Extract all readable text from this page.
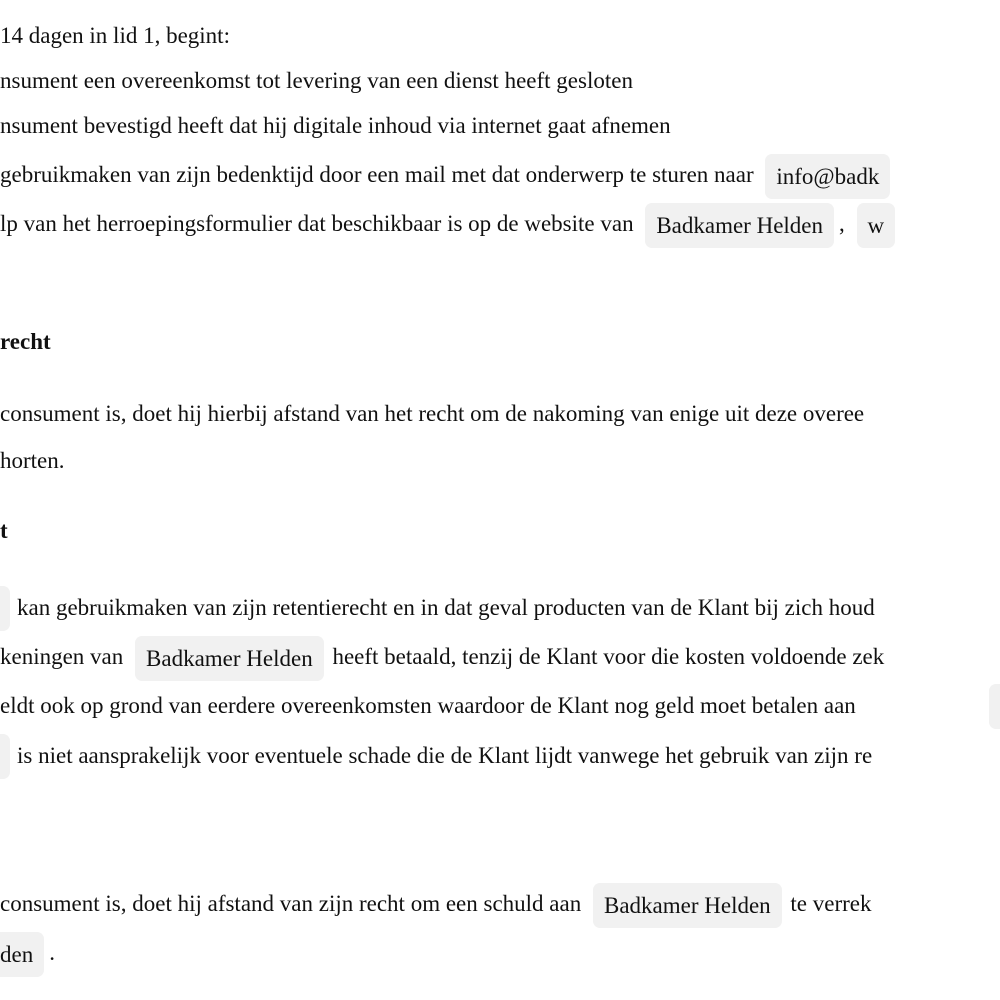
14 dagen in lid 1, begint:
nsument een overeenkomst tot levering van een dienst heeft gesloten
nsument bevestigd heeft dat hij digitale inhoud via internet gaat afnemen
gebruikmaken van zijn bedenktijd door een mail met dat onderwerp te sturen naar info@badk
lp van het herroepingsformulier dat beschikbaar is op de website van Badkamer Helden , w
recht
consument is, doet hij hierbij afstand van het recht om de nakoming van enige uit deze overee
horten.
t
kan gebruikmaken van zijn retentierecht en in dat geval producten van de Klant bij zich houd
keningen van Badkamer Helden heeft betaald, tenzij de Klant voor die kosten voldoende zek
eldt ook op grond van eerdere overeenkomsten waardoor de Klant nog geld moet betalen aan
is niet aansprakelijk voor eventuele schade die de Klant lijdt vanwege het gebruik van zijn re
consument is, doet hij afstand van zijn recht om een schuld aan Badkamer Helden te verrek
den .
